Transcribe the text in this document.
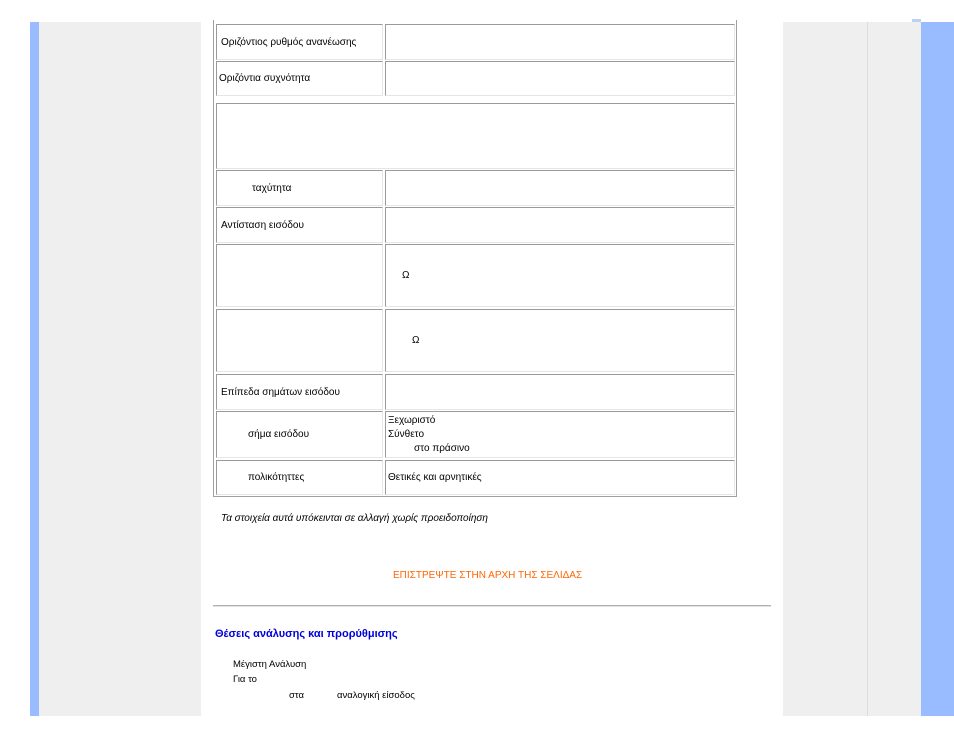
Οριζόντιος ρυθμός ανανέωσης
Οριζόντια συχνότητα
ταχύτητα
Αντίσταση εισόδου
Ω
Ω
Επίπεδα σημάτων εισόδου
σήμα εισόδου
Ξεχωριστό
Σύνθετο
στο πράσινο
πολικότηττες	Θετικές και αρνητικές
Τα στοιχεία αυτά υπόκεινται σε αλλαγή χωρίς προειδοποίηση
ΕΠΙΣΤΡΕΨΤΕ ΣΤΗΝ ΑΡΧΗ ΤΗΣ ΣΕΛΙΔΑΣ
Θέσεις ανάλυσης και προρύθμισης
Μέγιστη Ανάλυση
Για το
στα	αναλογική είσοδος
